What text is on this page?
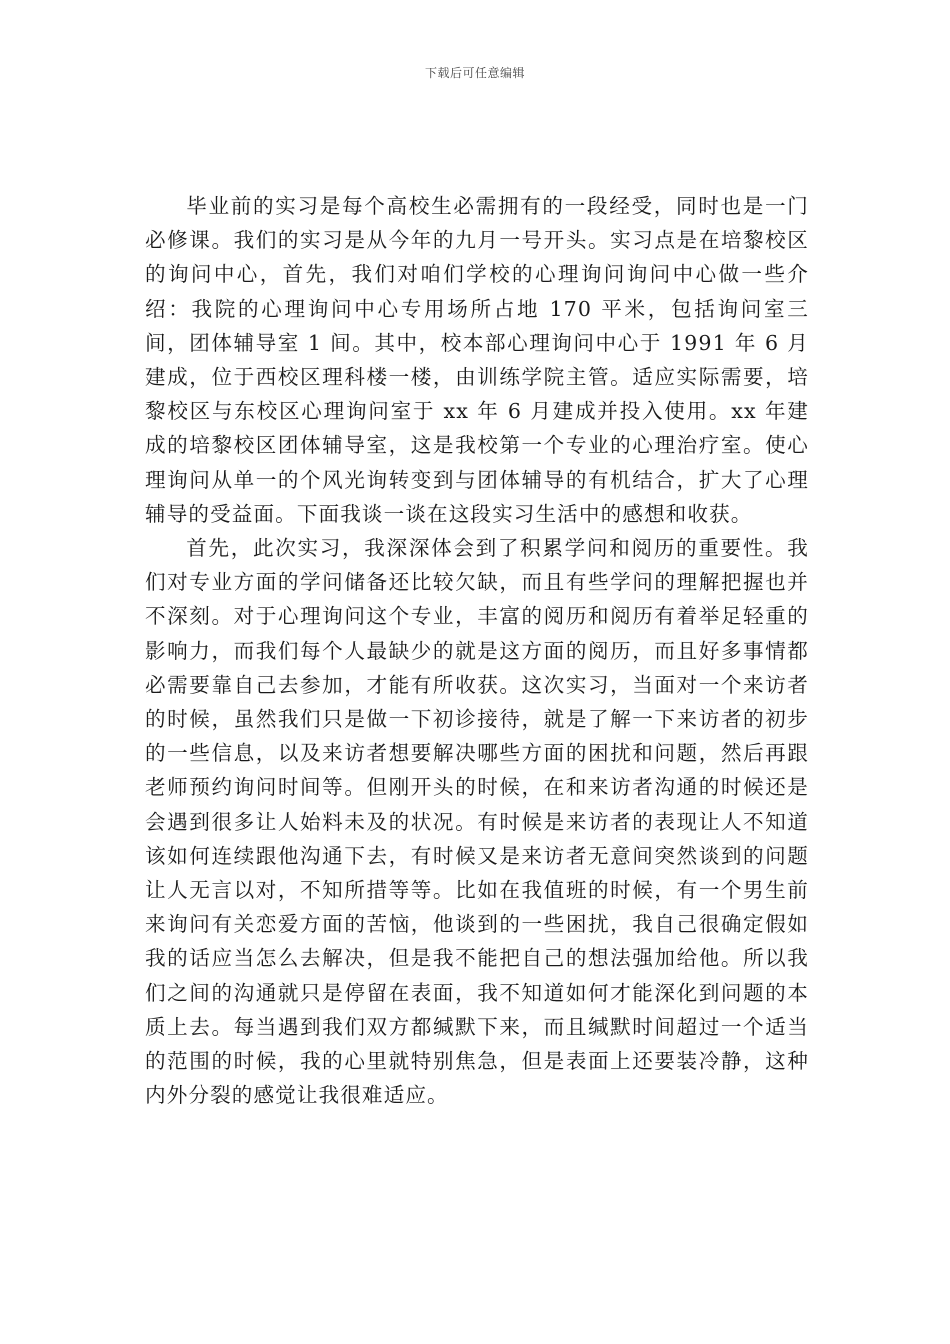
下载后可任意编辑

毕业前的实习是每个高校生必需拥有的一段经受，同时也是一门必修课。我们的实习是从今年的九月一号开头。实习点是在培黎校区的询问中心，首先，我们对咱们学校的心理询问询问中心做一些介绍：我院的心理询问中心专用场所占地 170 平米，包括询问室三间，团体辅导室 1 间。其中，校本部心理询问中心于 1991 年 6 月建成，位于西校区理科楼一楼，由训练学院主管。适应实际需要，培黎校区与东校区心理询问室于 xx 年 6 月建成并投入使用。xx 年建成的培黎校区团体辅导室，这是我校第一个专业的心理治疗室。使心理询问从单一的个风光询转变到与团体辅导的有机结合，扩大了心理辅导的受益面。下面我谈一谈在这段实习生活中的感想和收获。

首先，此次实习，我深深体会到了积累学问和阅历的重要性。我们对专业方面的学问储备还比较欠缺，而且有些学问的理解把握也并不深刻。对于心理询问这个专业，丰富的阅历和阅历有着举足轻重的影响力，而我们每个人最缺少的就是这方面的阅历，而且好多事情都必需要靠自己去参加，才能有所收获。这次实习，当面对一个来访者的时候，虽然我们只是做一下初诊接待，就是了解一下来访者的初步的一些信息，以及来访者想要解决哪些方面的困扰和问题，然后再跟老师预约询问时间等。但刚开头的时候，在和来访者沟通的时候还是会遇到很多让人始料未及的状况。有时候是来访者的表现让人不知道该如何连续跟他沟通下去，有时候又是来访者无意间突然谈到的问题让人无言以对，不知所措等等。比如在我值班的时候，有一个男生前来询问有关恋爱方面的苦恼，他谈到的一些困扰，我自己很确定假如我的话应当怎么去解决，但是我不能把自己的想法强加给他。所以我们之间的沟通就只是停留在表面，我不知道如何才能深化到问题的本质上去。每当遇到我们双方都缄默下来，而且缄默时间超过一个适当的范围的时候，我的心里就特别焦急，但是表面上还要装冷静，这种内外分裂的感觉让我很难适应。
